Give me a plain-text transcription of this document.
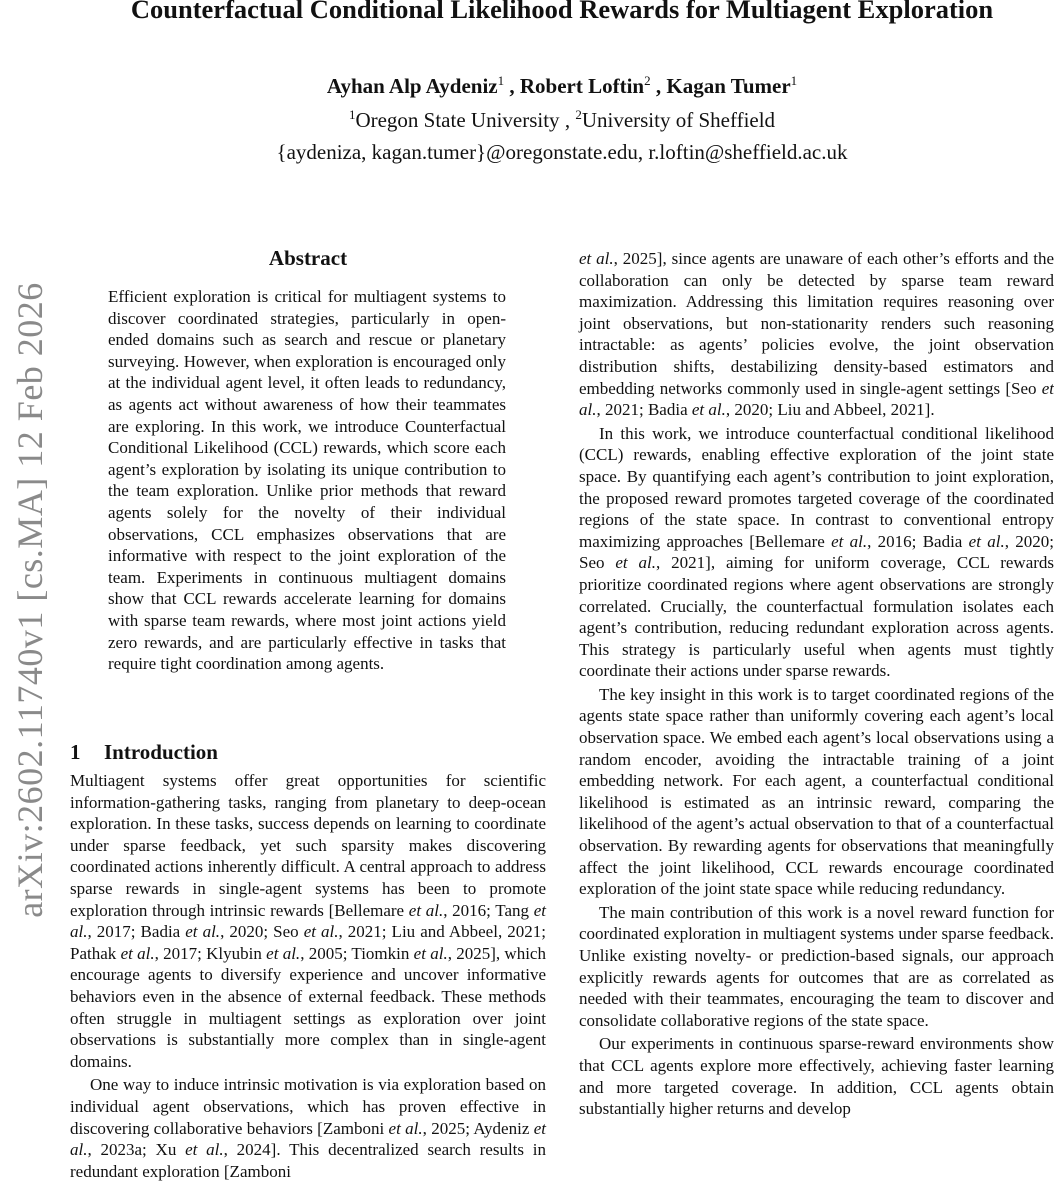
Counterfactual Conditional Likelihood Rewards for Multiagent Exploration
Ayhan Alp Aydeniz$^1$ , Robert Loftin$^2$ , Kagan Tumer$^1$
$^1$Oregon State University , $^2$University of Sheffield
{aydeniza, kagan.tumer}@oregonstate.edu, r.loftin@sheffield.ac.uk
arXiv:2602.11740v1 [cs.MA] 12 Feb 2026
Abstract
Efficient exploration is critical for multiagent systems to discover coordinated strategies, particularly in open-ended domains such as search and rescue or planetary surveying. However, when exploration is encouraged only at the individual agent level, it often leads to redundancy, as agents act without awareness of how their teammates are exploring. In this work, we introduce Counterfactual Conditional Likelihood (CCL) rewards, which score each agent’s exploration by isolating its unique contribution to the team exploration. Unlike prior methods that reward agents solely for the novelty of their individual observations, CCL emphasizes observations that are informative with respect to the joint exploration of the team. Experiments in continuous multiagent domains show that CCL rewards accelerate learning for domains with sparse team rewards, where most joint actions yield zero rewards, and are particularly effective in tasks that require tight coordination among agents.
1 Introduction

Multiagent systems offer great opportunities for scientific information-gathering tasks, ranging from planetary to deep-ocean exploration. In these tasks, success depends on learning to coordinate under sparse feedback, yet such sparsity makes discovering coordinated actions inherently difficult. A central approach to address sparse rewards in single-agent systems has been to promote exploration through intrinsic rewards [Bellemare et al., 2016; Tang et al., 2017; Badia et al., 2020; Seo et al., 2021; Liu and Abbeel, 2021; Pathak et al., 2017; Klyubin et al., 2005; Tiomkin et al., 2025], which encourage agents to diversify experience and uncover informative behaviors even in the absence of external feedback. These methods often struggle in multiagent settings as exploration over joint observations is substantially more complex than in single-agent domains.

One way to induce intrinsic motivation is via exploration based on individual agent observations, which has proven effective in discovering collaborative behaviors [Zamboni et al., 2025; Aydeniz et al., 2023a; Xu et al., 2024]. This decentralized search results in redundant exploration [Zamboni

et al., 2025], since agents are unaware of each other’s efforts and the collaboration can only be detected by sparse team reward maximization. Addressing this limitation requires reasoning over joint observations, but non-stationarity renders such reasoning intractable: as agents’ policies evolve, the joint observation distribution shifts, destabilizing density-based estimators and embedding networks commonly used in single-agent settings [Seo et al., 2021; Badia et al., 2020; Liu and Abbeel, 2021].

In this work, we introduce counterfactual conditional likelihood (CCL) rewards, enabling effective exploration of the joint state space. By quantifying each agent’s contribution to joint exploration, the proposed reward promotes targeted coverage of the coordinated regions of the state space. In contrast to conventional entropy maximizing approaches [Bellemare et al., 2016; Badia et al., 2020; Seo et al., 2021], aiming for uniform coverage, CCL rewards prioritize coordinated regions where agent observations are strongly correlated. Crucially, the counterfactual formulation isolates each agent’s contribution, reducing redundant exploration across agents. This strategy is particularly useful when agents must tightly coordinate their actions under sparse rewards.

The key insight in this work is to target coordinated regions of the agents state space rather than uniformly covering each agent’s local observation space. We embed each agent’s local observations using a random encoder, avoiding the intractable training of a joint embedding network. For each agent, a counterfactual conditional likelihood is estimated as an intrinsic reward, comparing the likelihood of the agent’s actual observation to that of a counterfactual observation. By rewarding agents for observations that meaningfully affect the joint likelihood, CCL rewards encourage coordinated exploration of the joint state space while reducing redundancy.

The main contribution of this work is a novel reward function for coordinated exploration in multiagent systems under sparse feedback. Unlike existing novelty- or prediction-based signals, our approach explicitly rewards agents for outcomes that are as correlated as needed with their teammates, encouraging the team to discover and consolidate collaborative regions of the state space.

Our experiments in continuous sparse-reward environments show that CCL agents explore more effectively, achieving faster learning and more targeted coverage. In addition, CCL agents obtain substantially higher returns and develop
